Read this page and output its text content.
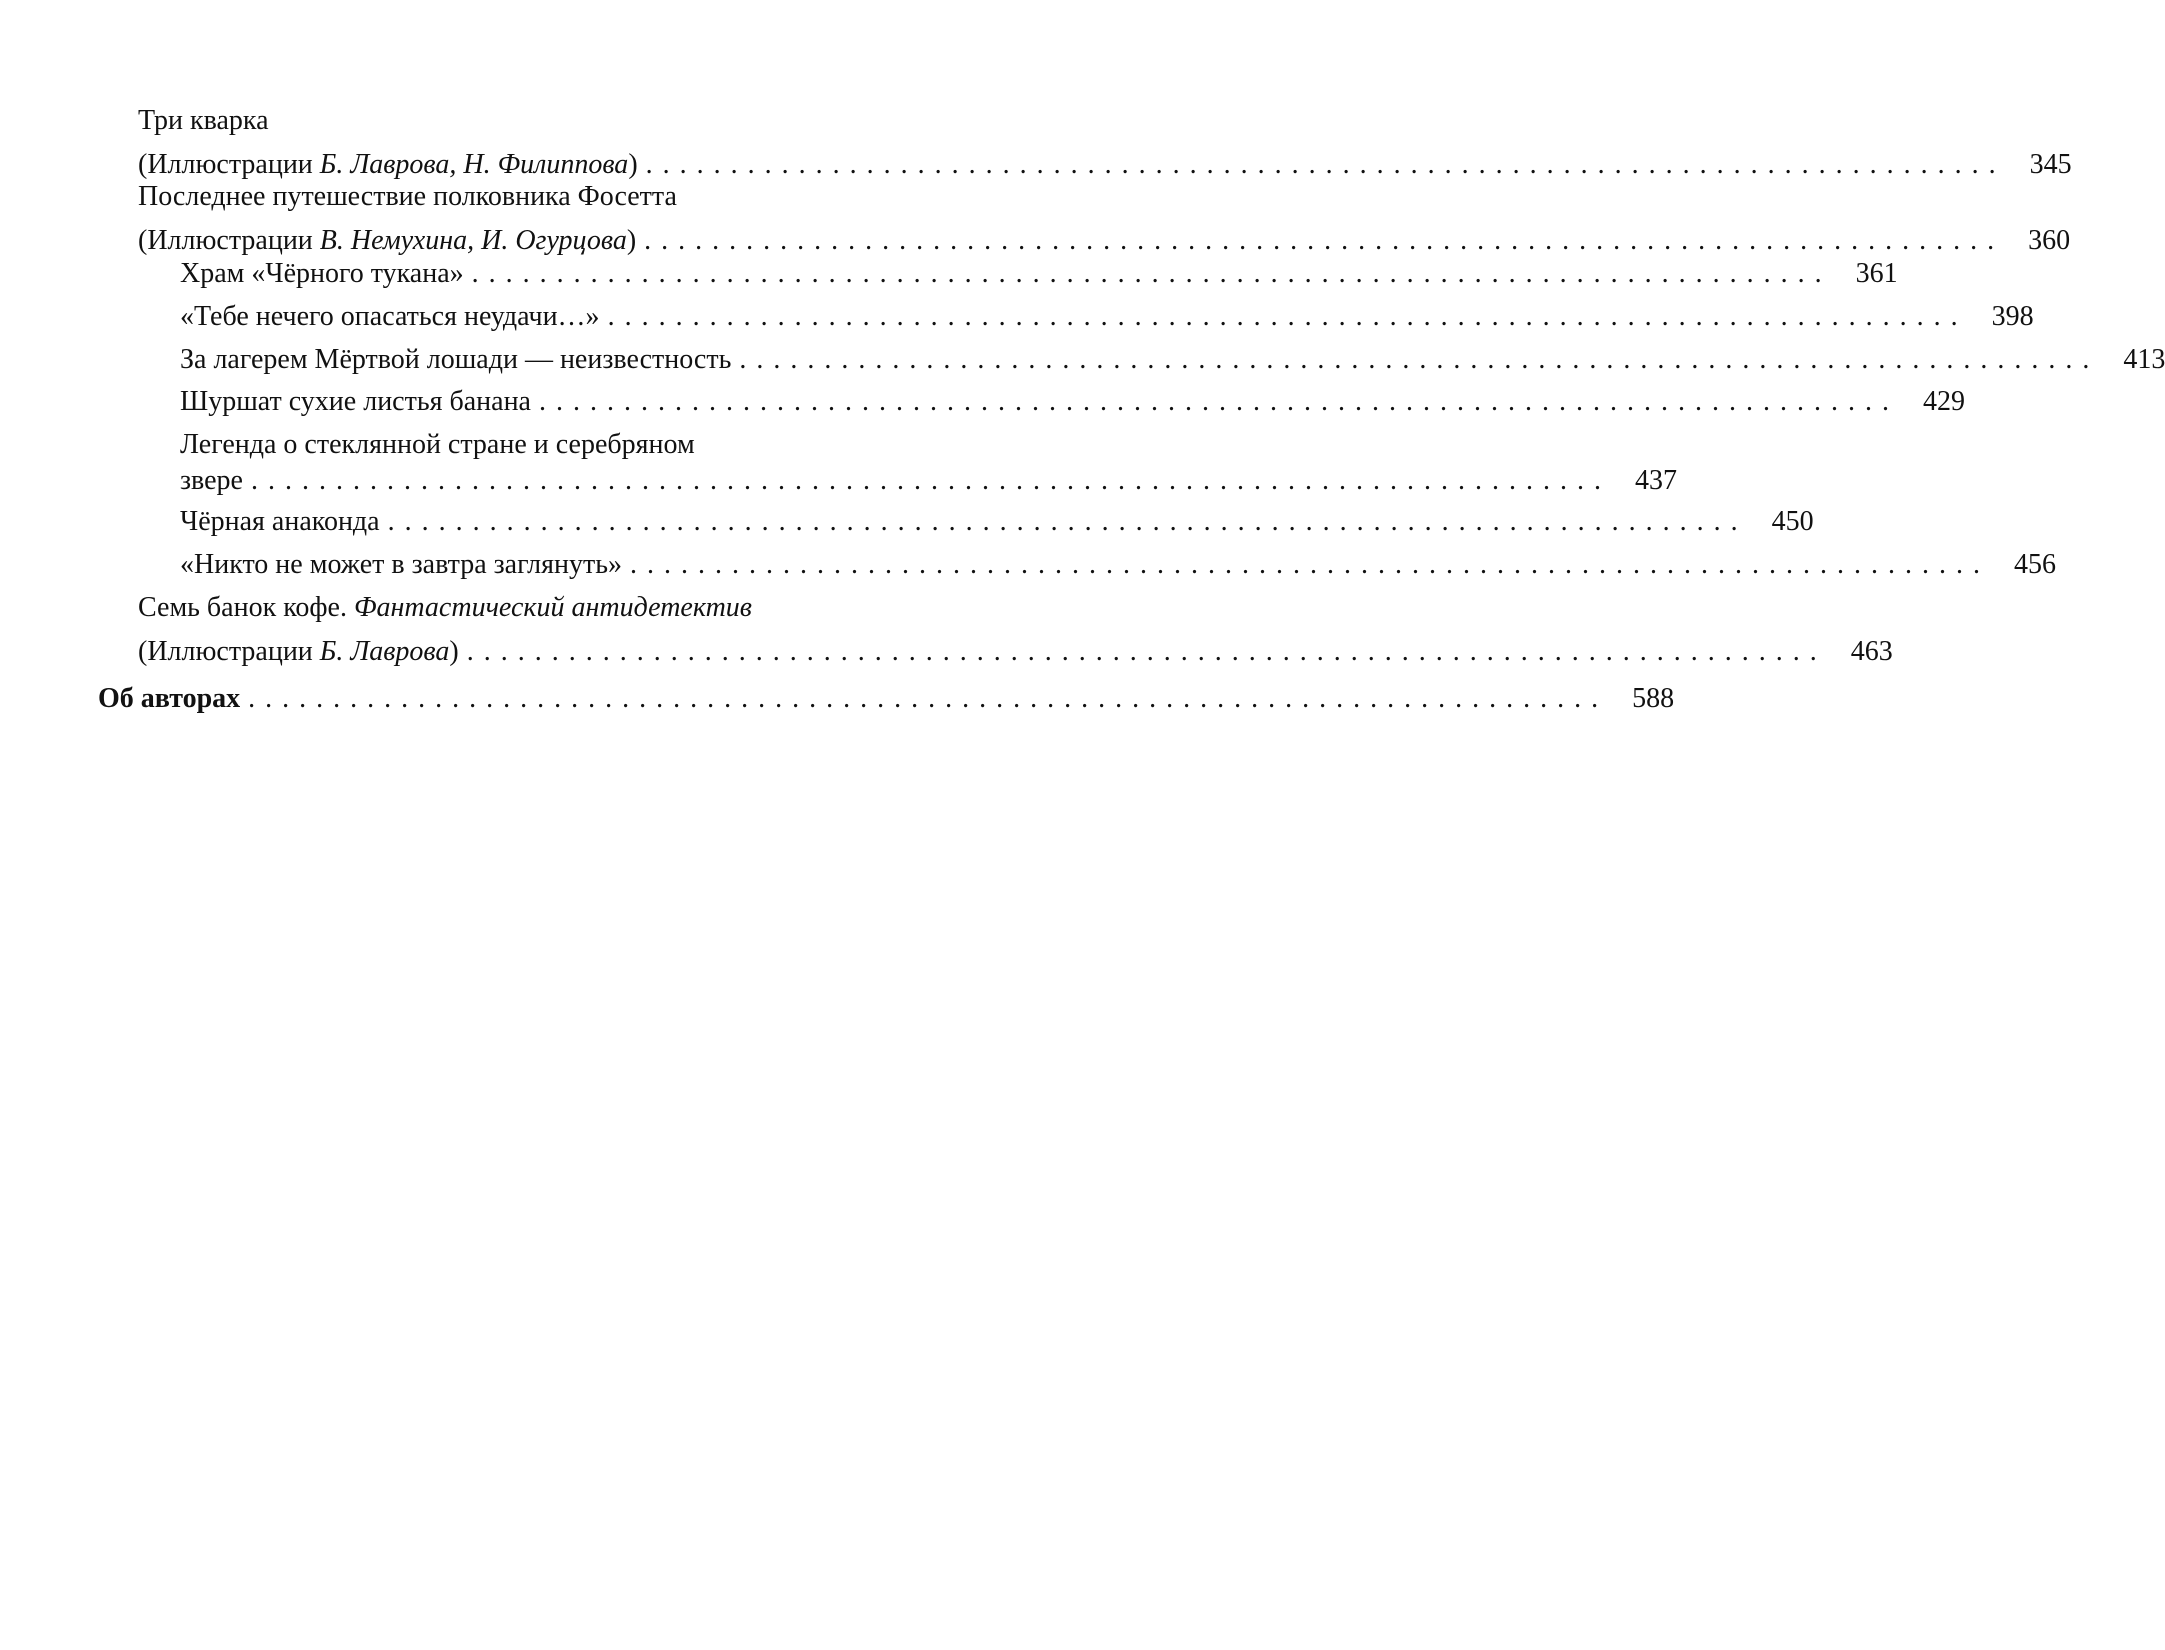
Три кварка
(Иллюстрации Б. Лаврова, Н. Филиппова) ................................................................................ 345
Последнее путешествие полковника Фосетта
(Иллюстрации В. Немухина, И. Огурцова) ................................................................................ 360
Храм «Чёрного тукана» ................................................................................ 361
«Тебе нечего опасаться неудачи…» ................................................................................ 398
За лагерем Мёртвой лошади — неизвестность ................................................................................ 413
Шуршат сухие листья банана ................................................................................ 429
Легенда о стеклянной стране и серебряном
звере ................................................................................ 437
Чёрная анаконда ................................................................................ 450
«Никто не может в завтра заглянуть» ................................................................................ 456
Семь банок кофе. Фантастический антидетектив
(Иллюстрации Б. Лаврова) ................................................................................ 463
Об авторах ................................................................................ 588
